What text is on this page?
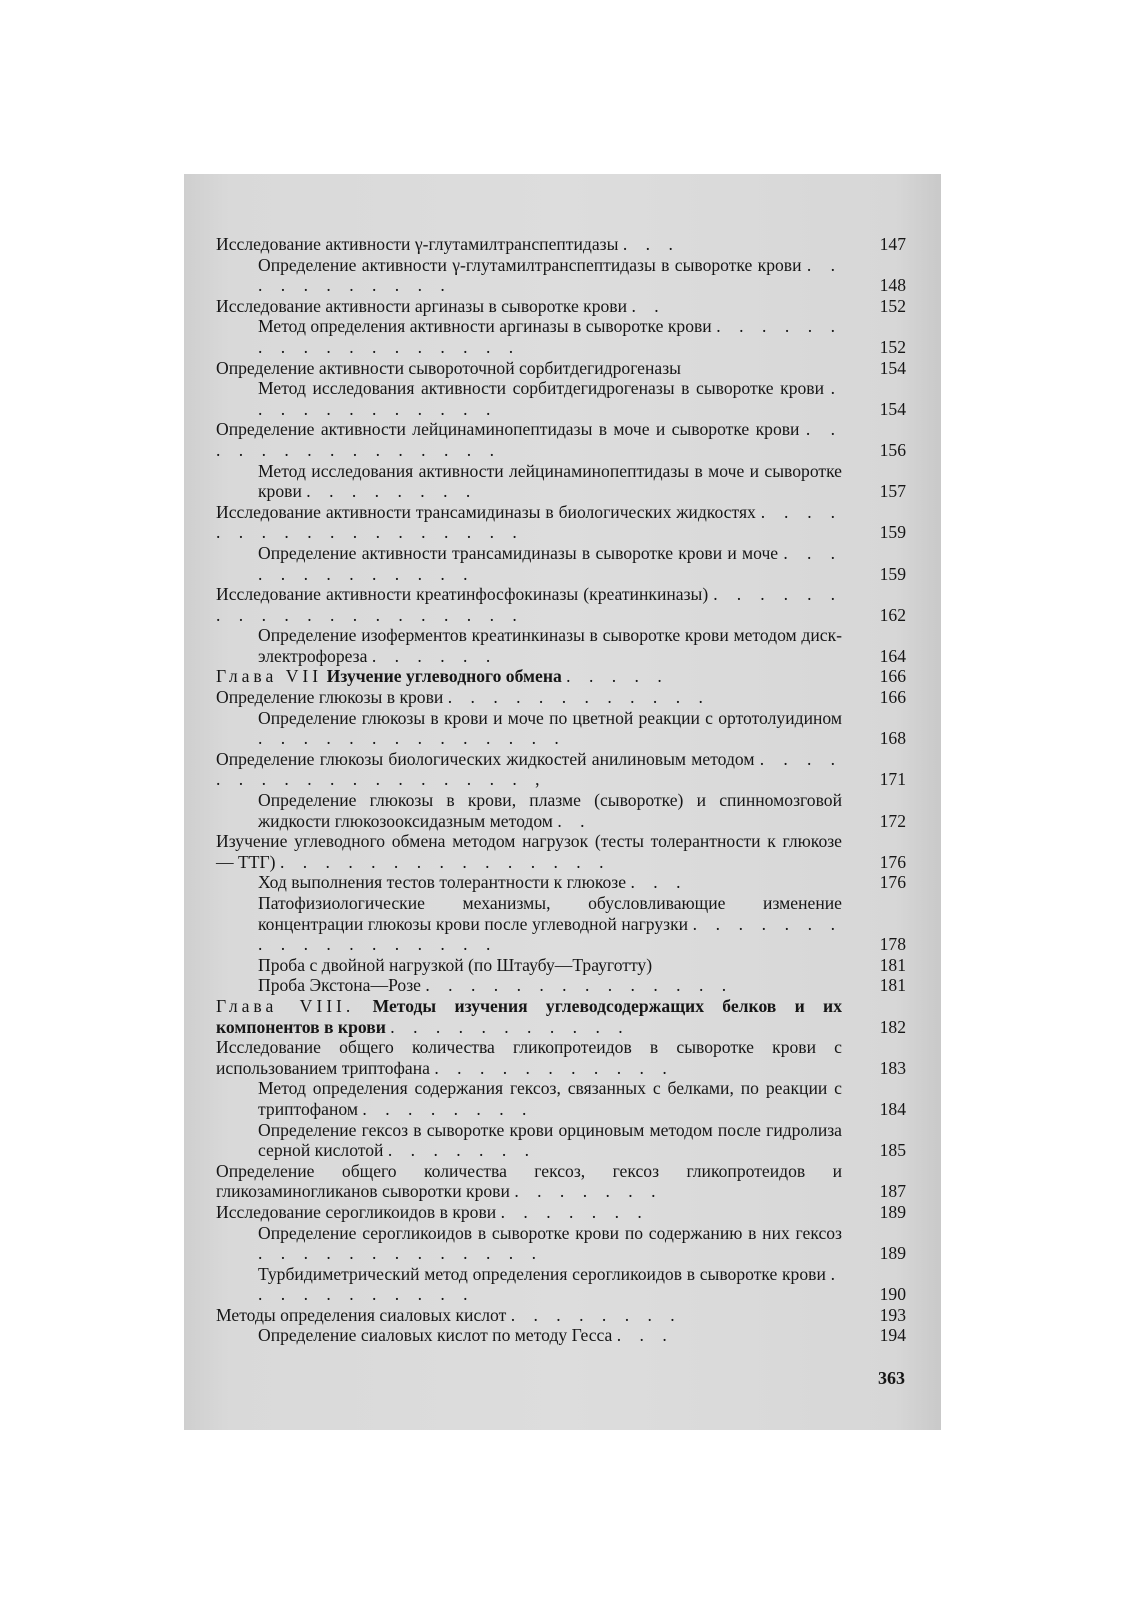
Исследование активности γ-глутамилтранспептидазы . . .	147
Определение активности γ-глутамилтранспептидазы в сыворотке крови . . . . . . . . . . .	148
Исследование активности аргиназы в сыворотке крови . .	152
Метод определения активности аргиназы в сыворотке крови . . . . . . . . . . . . . . . . . .	152
Определение активности сывороточной сорбитдегидрогеназы	154
Метод исследования активности сорбитдегидрогеназы в сыворотке крови . . . . . . . . . . . .	154
Определение активности лейцинаминопептидазы в моче и сыворотке крови . . . . . . . . . . . . . . .	156
Метод исследования активности лейцинаминопептидазы в моче и сыворотке крови . . . . . . . .	157
Исследование активности трансамидиназы в биологических жидкостях . . . . . . . . . . . . . . . . . .	159
Определение активности трансамидиназы в сыворотке крови и моче . . . . . . . . . . . . .	159
Исследование активности креатинфосфокиназы (креатинкиназы) . . . . . . . . . . . . . . . . . . . .	162
Определение изоферментов креатинкиназы в сыворотке крови методом диск-электрофореза . . . . . .	164
Глава VII Изучение углеводного обмена . . . . .	166
Определение глюкозы в крови . . . . . . . . . . . .	166
Определение глюкозы в крови и моче по цветной реакции с ортотолуидином . . . . . . . . . . . . . .	168
Определение глюкозы биологических жидкостей анилиновым методом . . . . . . . . . . . . . . . . . . ,	171
Определение глюкозы в крови, плазме (сыворотке) и спинномозговой жидкости глюкозооксидазным методом . .	172
Изучение углеводного обмена методом нагрузок (тесты толерантности к глюкозе — ТТГ) . . . . . . . . . . . . . . .	176
Ход выполнения тестов толерантности к глюкозе . . .	176
Патофизиологические механизмы, обусловливающие изменение концентрации глюкозы крови после углеводной нагрузки . . . . . . . . . . . . . . . . . .	178
Проба с двойной нагрузкой (по Штаубу—Трауготту)	181
Проба Экстона—Розе . . . . . . . . . . . . . .	181
Глава VIII. Методы изучения углеводсодержащих белков и их компонентов в крови . . . . . . . . . . .	182
Исследование общего количества гликопротеидов в сыворотке крови с использованием триптофана . . . . . . . . . . .	183
Метод определения содержания гексоз, связанных с белками, по реакции с триптофаном . . . . . . . .	184
Определение гексоз в сыворотке крови орциновым методом после гидролиза серной кислотой . . . . . . .	185
Определение общего количества гексоз, гексоз гликопротеидов и гликозаминогликанов сыворотки крови . . . . . . .	187
Исследование серогликоидов в крови . . . . . . .	189
Определение серогликоидов в сыворотке крови по содержанию в них гексоз . . . . . . . . . . . . .	189
Турбидиметрический метод определения серогликоидов в сыворотке крови . . . . . . . . . . .	190
Методы определения сиаловых кислот . . . . . . . .	193
Определение сиаловых кислот по методу Гесса . . .	194
363
